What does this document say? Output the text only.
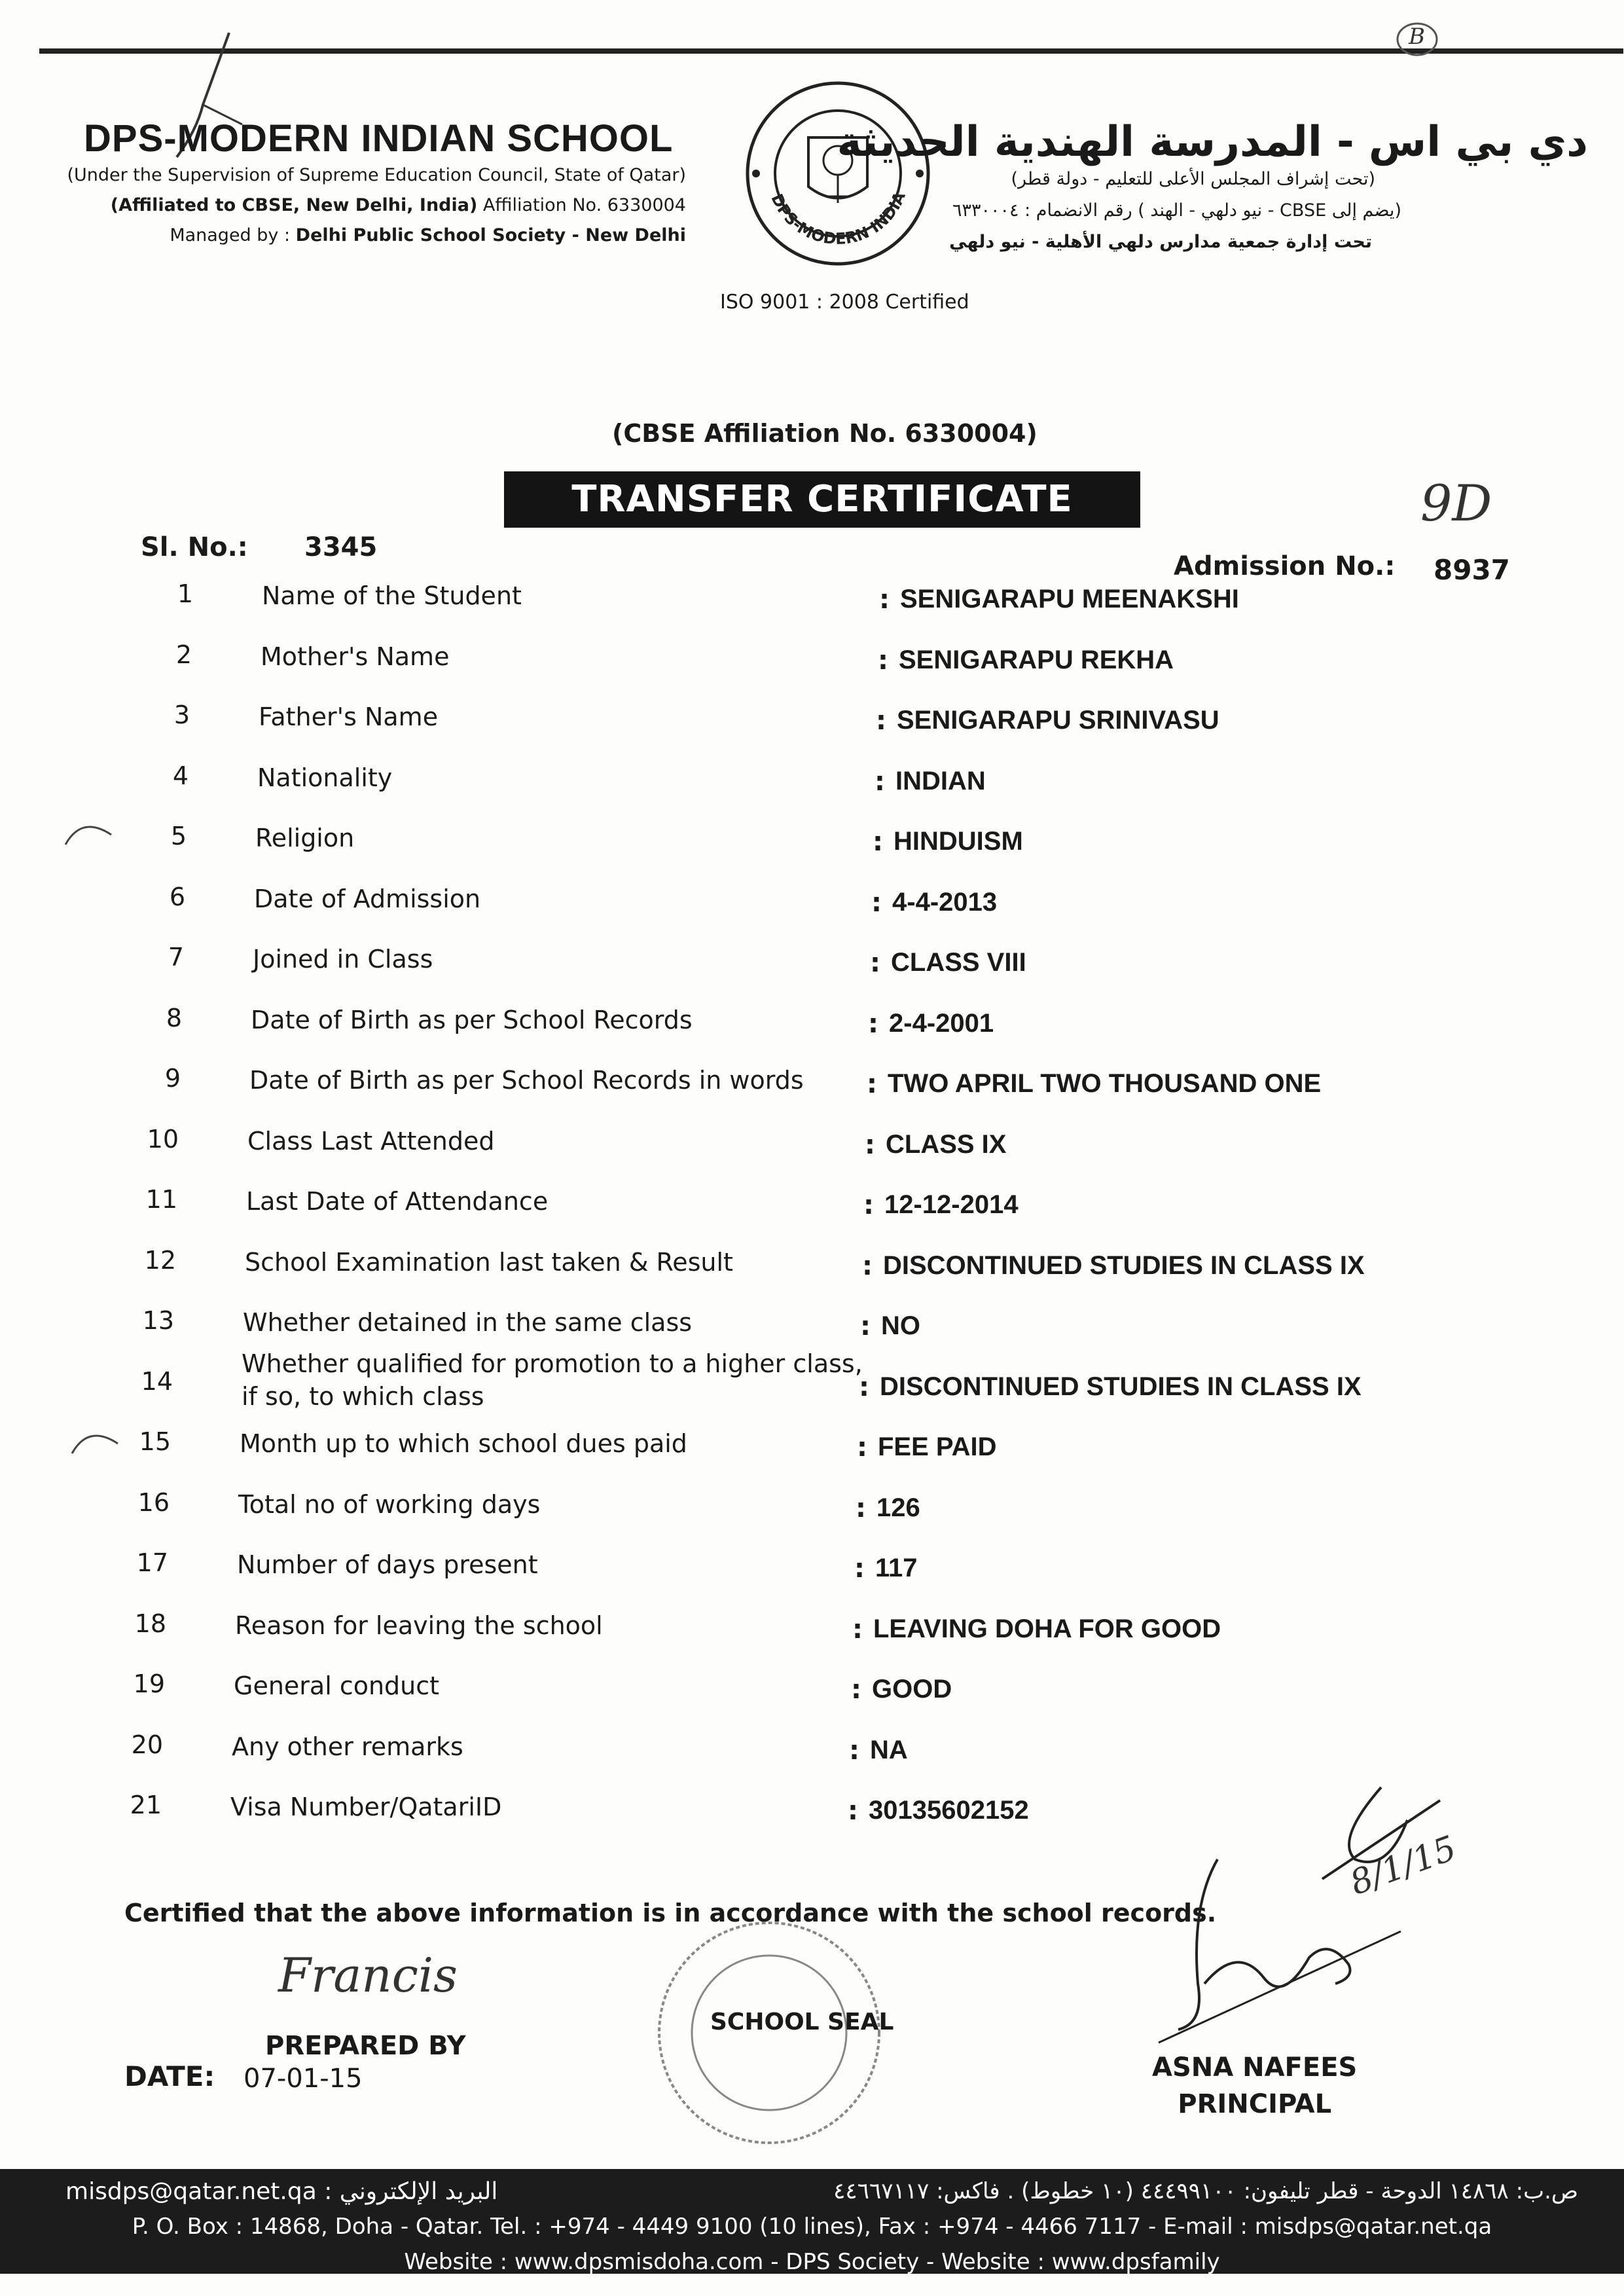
B
DPS-MODERN INDIAN SCHOOL
(Under the Supervision of Supreme Education Council, State of Qatar)
(Affiliated to CBSE, New Delhi, India) Affiliation No. 6330004
Managed by : Delhi Public School Society - New Delhi
DPS-MODERN INDIA
دي بي اس - المدرسة الهندية الحديثة
(تحت إشراف المجلس الأعلى للتعليم - دولة قطر)
(يضم إلى CBSE - نيو دلهي - الهند ) رقم الانضمام : ٦٣٣٠٠٠٤
تحت إدارة جمعية مدارس دلهي الأهلية - نيو دلهي
ISO 9001 : 2008 Certified
(CBSE Affiliation No. 6330004)
TRANSFER CERTIFICATE	9D
Sl. No.: 3345
Admission No.: 8937
1	Name of the Student	: SENIGARAPU MEENAKSHI
2	Mother's Name	: SENIGARAPU REKHA
3	Father's Name	: SENIGARAPU SRINIVASU
4	Nationality	: INDIAN
5	Religion	: HINDUISM
6	Date of Admission	: 4-4-2013
7	Joined in Class	: CLASS VIII
8	Date of Birth as per School Records	: 2-4-2001
9	Date of Birth as per School Records in words : TWO APRIL TWO THOUSAND ONE
10	Class Last Attended	: CLASS IX
11	Last Date of Attendance	: 12-12-2014
12	School Examination last taken & Result	: DISCONTINUED STUDIES IN CLASS IX
13	Whether detained in the same class	: NO
14
Whether qualified for promotion to a higher class,
if so, to which class	: DISCONTINUED STUDIES IN CLASS IX
15	Month up to which school dues paid	: FEE PAID
16	Total no of working days	: 126
17	Number of days present	: 117
18	Reason for leaving the school	: LEAVING DOHA FOR GOOD
19	General conduct	: GOOD
20	Any other remarks	: NA
21	Visa Number/QatariID	: 30135602152
Certified that the above information is in accordance with the school records.
Francis
PREPARED BY
DATE: 07-01-15
SCHOOL SEAL
8/1/15
ASNA NAFEES
PRINCIPAL
misdps@qatar.net.qa : البريد الإلكتروني	ص.ب: ١٤٨٦٨ الدوحة - قطر تليفون: ٤٤٤٩٩١٠٠ (١٠ خطوط) . فاكس: ٤٤٦٦٧١١٧
P. O. Box : 14868, Doha - Qatar. Tel. : +974 - 4449 9100 (10 lines), Fax : +974 - 4466 7117 - E-mail : misdps@qatar.net.qa
Website : www.dpsmisdoha.com - DPS Society - Website : www.dpsfamily
